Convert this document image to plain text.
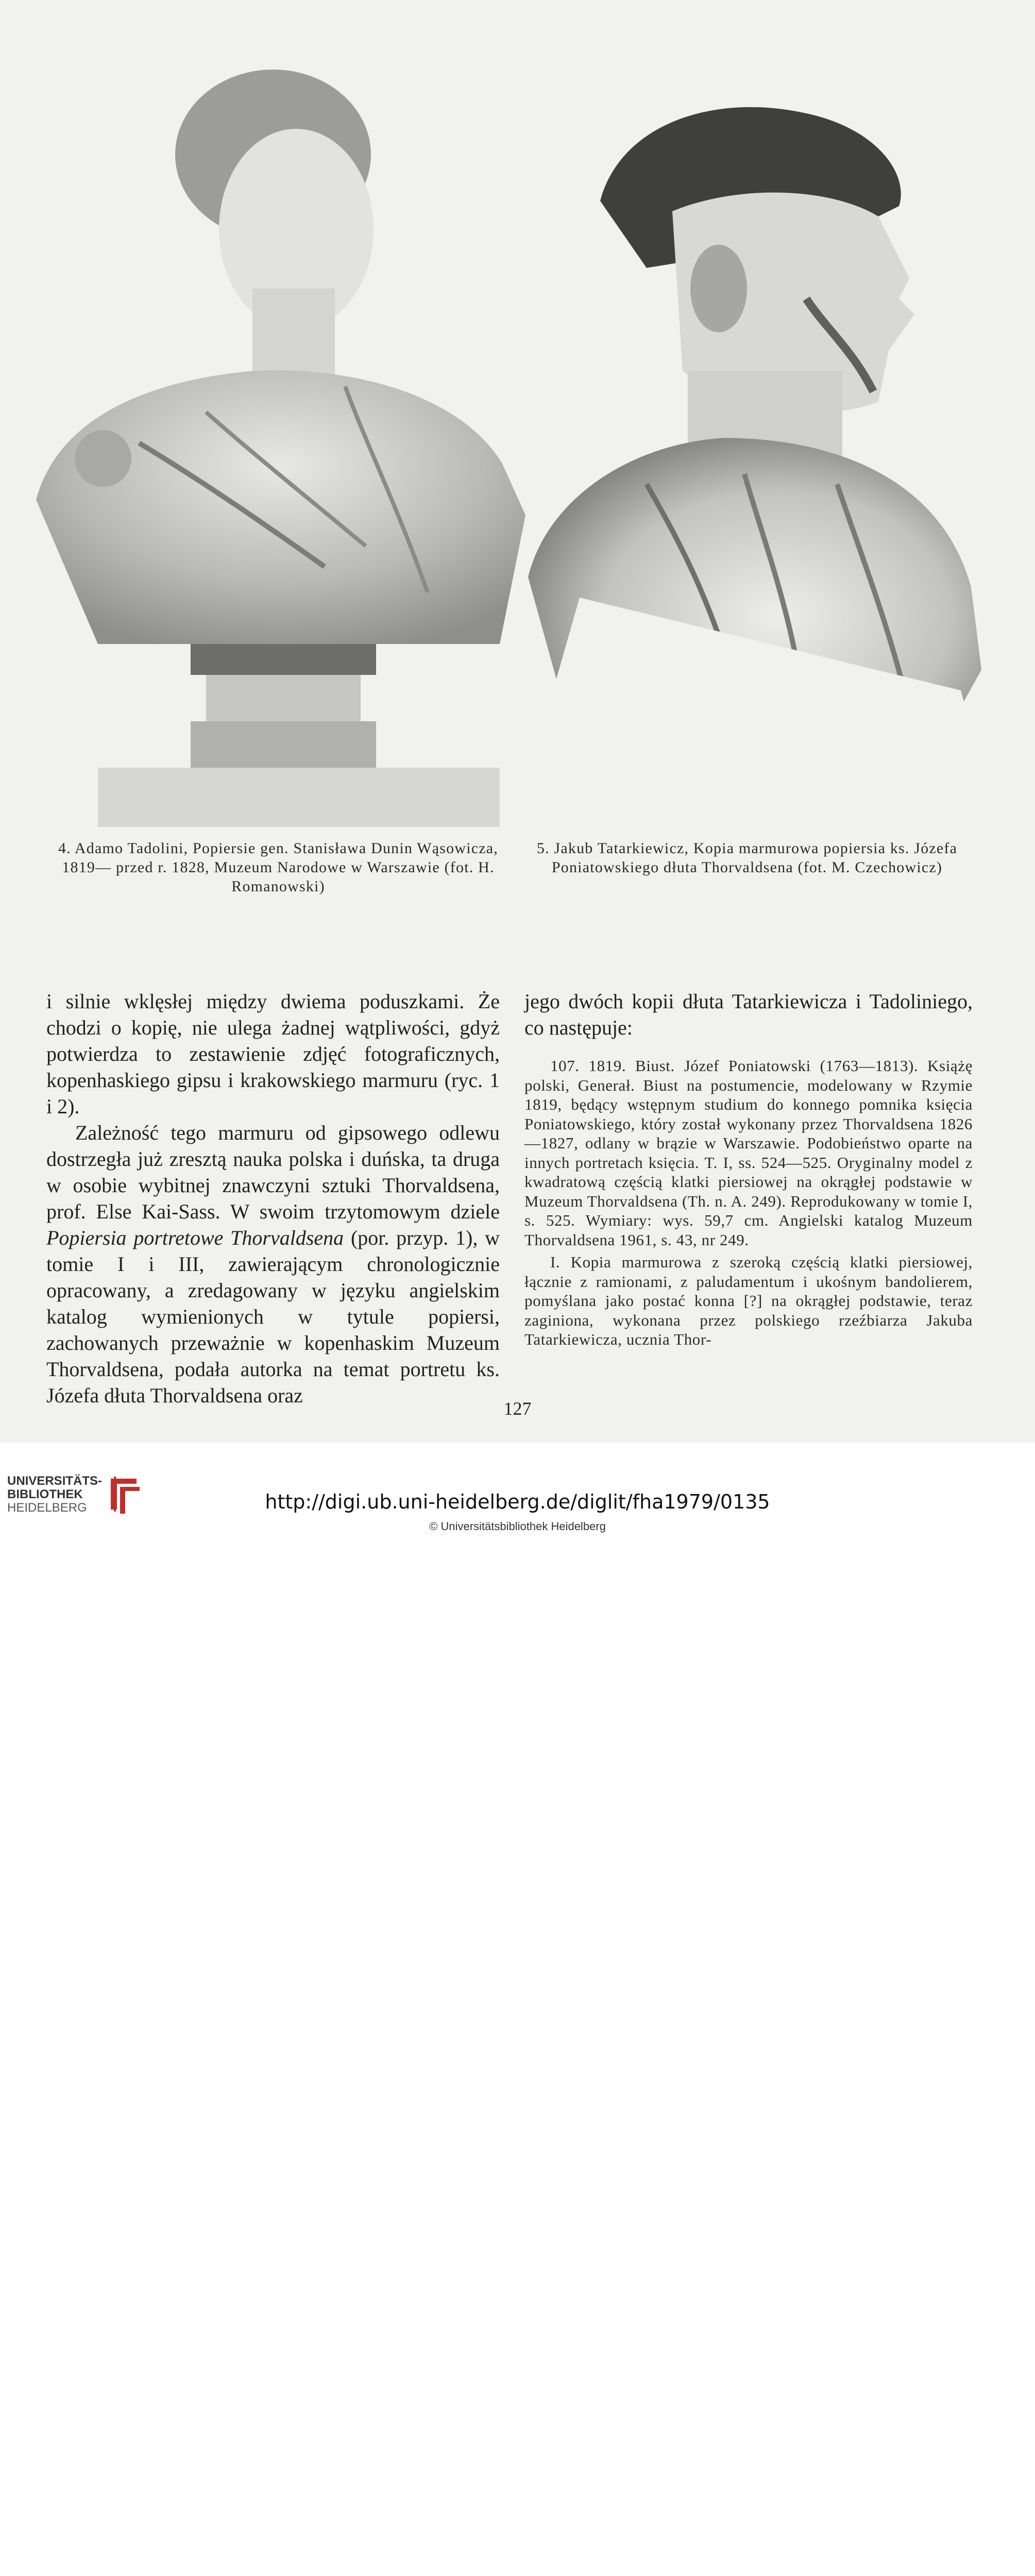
4. Adamo Tadolini, Popiersie gen. Stanisława Dunin Wąsowicza, 1819— przed r. 1828, Muzeum Narodowe w Warszawie (fot. H. Romanowski)
5. Jakub Tatarkiewicz, Kopia marmurowa popiersia ks. Józefa Poniatowskiego dłuta Thorvaldsena (fot. M. Czechowicz)

i silnie wklęsłej między dwiema poduszkami. Że chodzi o kopię, nie ulega żadnej wątpliwości, gdyż potwierdza to zestawienie zdjęć fotograficznych, kopenhaskiego gipsu i krakowskiego marmuru (ryc. 1 i 2).

Zależność tego marmuru od gipsowego odlewu dostrzegła już zresztą nauka polska i duńska, ta druga w osobie wybitnej znawczyni sztuki Thorvaldsena, prof. Else Kai-Sass. W swoim trzytomowym dziele Popiersia portretowe Thorvaldsena (por. przyp. 1), w tomie I i III, zawierającym chronologicznie opracowany, a zredagowany w języku angielskim katalog wymienionych w tytule popiersi, zachowanych przeważnie w kopenhaskim Muzeum Thorvaldsena, podała autorka na temat portretu ks. Józefa dłuta Thorvaldsena oraz

jego dwóch kopii dłuta Tatarkiewicza i Tadoliniego, co następuje:

107. 1819. Biust. Józef Poniatowski (1763—1813). Książę polski, Generał. Biust na postumencie, modelowany w Rzymie 1819, będący wstępnym studium do konnego pomnika księcia Poniatowskiego, który został wykonany przez Thorvaldsena 1826—1827, odlany w brązie w Warszawie. Podobieństwo oparte na innych portretach księcia. T. I, ss. 524—525. Oryginalny model z kwadratową częścią klatki piersiowej na okrągłej podstawie w Muzeum Thorvaldsena (Th. n. A. 249). Reprodukowany w tomie I, s. 525. Wymiary: wys. 59,7 cm. Angielski katalog Muzeum Thorvaldsena 1961, s. 43, nr 249.

I. Kopia marmurowa z szeroką częścią klatki piersiowej, łącznie z ramionami, z paludamentum i ukośnym bandolierem, pomyślana jako postać konna [?] na okrągłej podstawie, teraz zaginiona, wykonana przez polskiego rzeźbiarza Jakuba Tatarkiewicza, ucznia Thor-

127
UNIVERSITÄTS-
BIBLIOTHEK
HEIDELBERG	http://digi.ub.uni-heidelberg.de/diglit/fha1979/0135
© Universitätsbibliothek Heidelberg
